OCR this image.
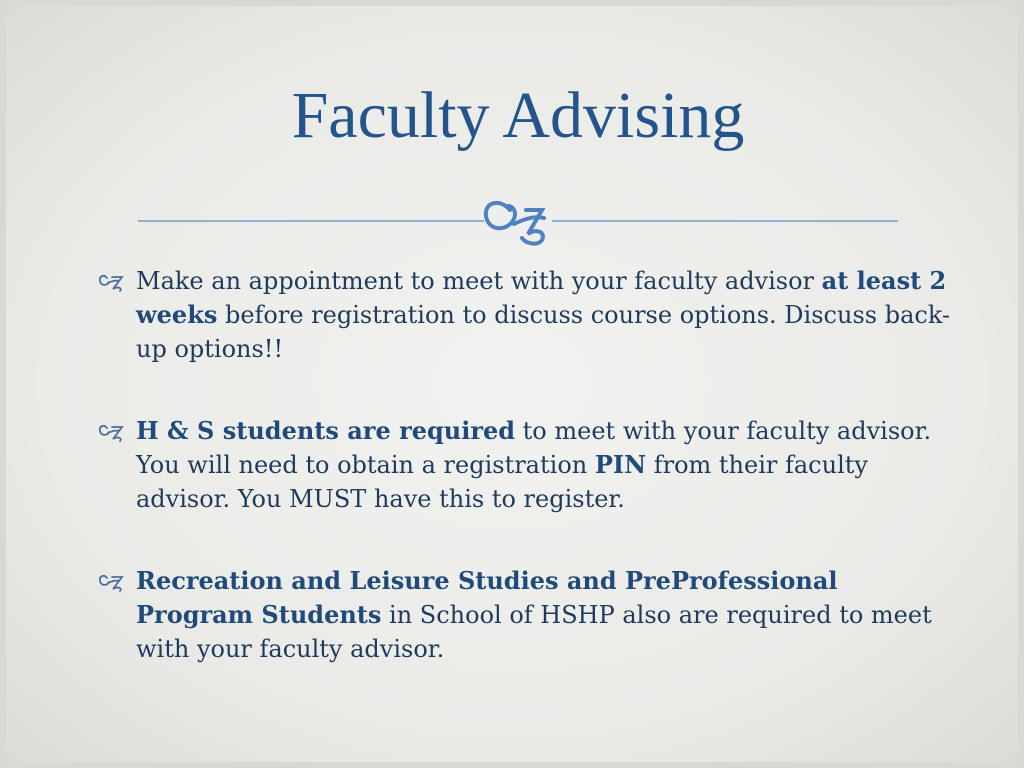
Faculty Advising
Make an appointment to meet with your faculty advisor at least 2 weeks before registration to discuss course options. Discuss back-up options!!
H & S students are required to meet with your faculty advisor. You will need to obtain a registration PIN from their faculty advisor. You MUST have this to register.
Recreation and Leisure Studies and PreProfessional Program Students in School of HSHP also are required to meet with your faculty advisor.
